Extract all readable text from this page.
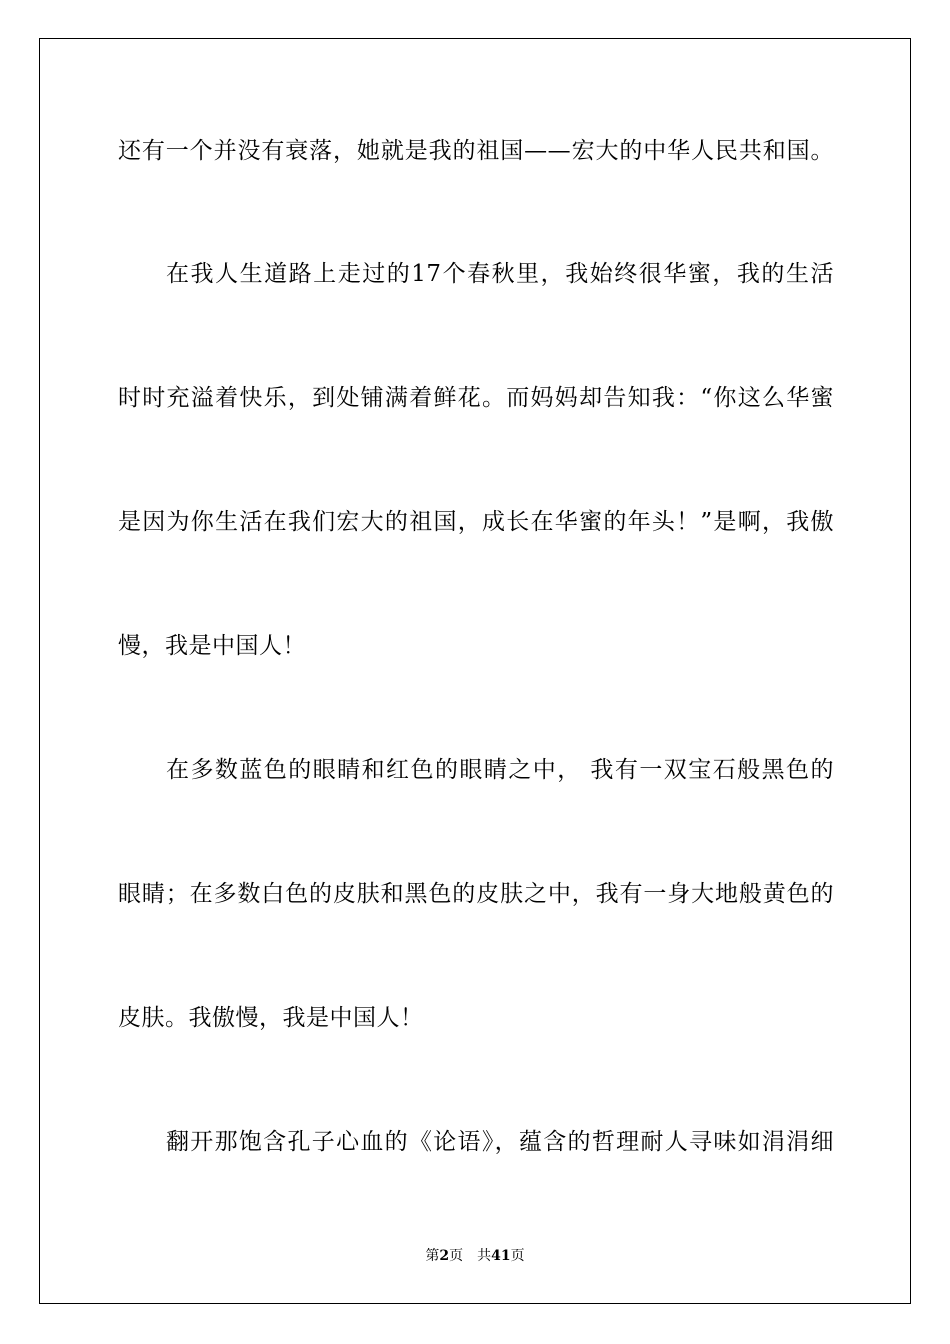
还有一个并没有衰落，她就是我的祖国——宏大的中华人民共和国。

在我人生道路上走过的17个春秋里，我始终很华蜜，我的生活

时时充溢着快乐，到处铺满着鲜花。而妈妈却告知我：“你这么华蜜

是因为你生活在我们宏大的祖国，成长在华蜜的年头！”是啊，我傲

慢，我是中国人！

在多数蓝色的眼睛和红色的眼睛之中， 我有一双宝石般黑色的

眼睛；在多数白色的皮肤和黑色的皮肤之中，我有一身大地般黄色的

皮肤。我傲慢，我是中国人！

翻开那饱含孔子心血的《论语》，蕴含的哲理耐人寻味如涓涓细

第2页 共41页
